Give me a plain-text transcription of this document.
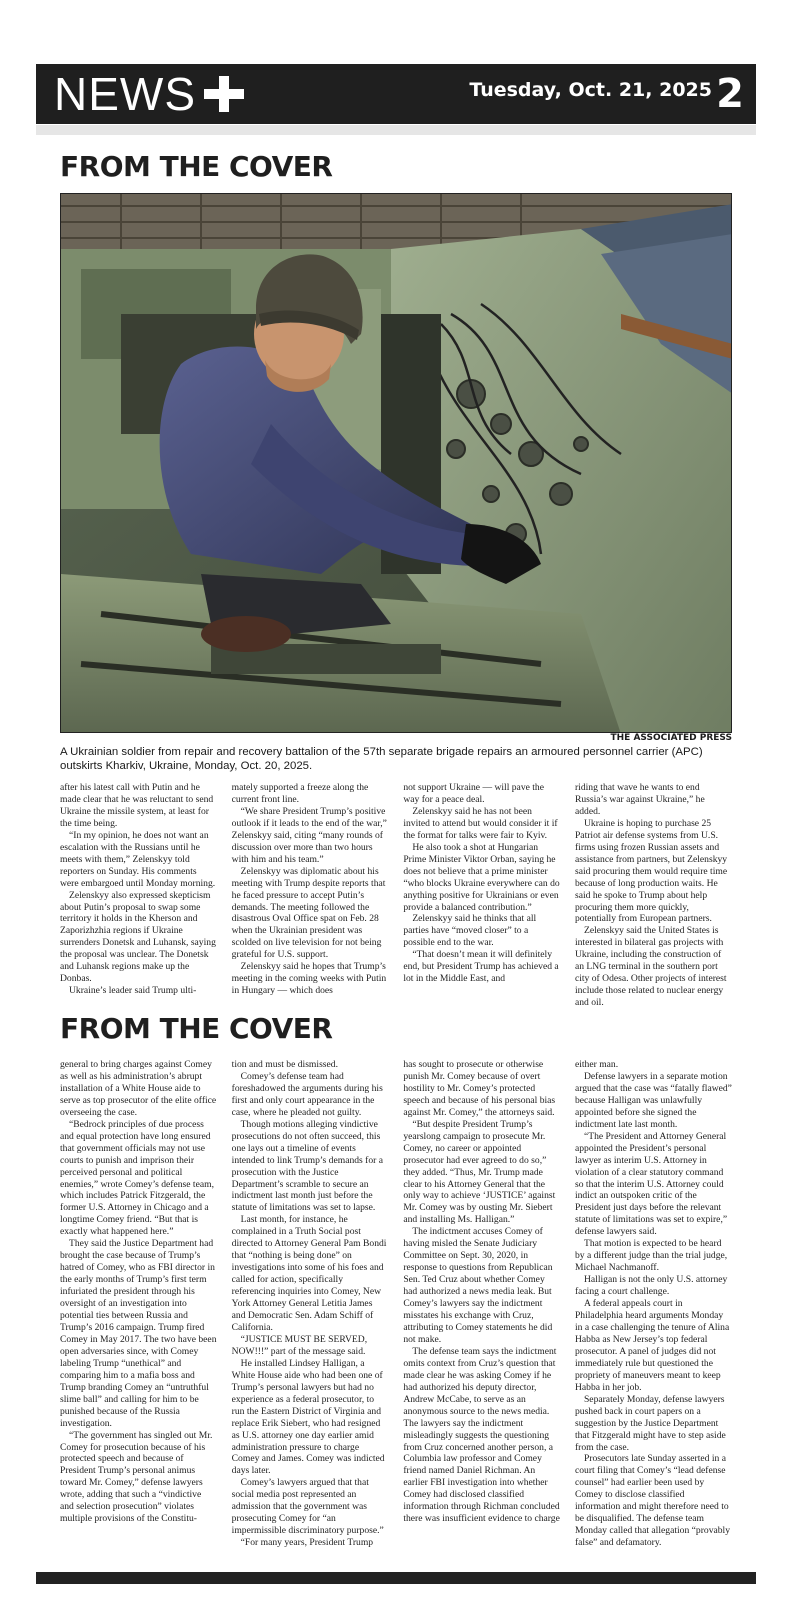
NEWS	Tuesday, Oct. 21, 2025 2
FROM THE COVER
THE ASSOCIATED PRESS
A Ukrainian soldier from repair and recovery battalion of the 57th separate brigade repairs an armoured personnel carrier (APC) outskirts Kharkiv, Ukraine, Monday, Oct. 20, 2025.

after his latest call with Putin and he made clear that he was reluctant to send Ukraine the missile system, at least for the time being.

“In my opinion, he does not want an escalation with the Russians until he meets with them,” Zelenskyy told reporters on Sunday. His comments were embargoed until Monday morning.

Zelenskyy also expressed skepticism about Putin’s proposal to swap some territory it holds in the Kherson and Zaporizhzhia regions if Ukraine surrenders Donetsk and Luhansk, saying the proposal was unclear. The Donetsk and Luhansk regions make up the Donbas.

Ukraine’s leader said Trump ulti-

mately supported a freeze along the current front line.

“We share President Trump’s positive outlook if it leads to the end of the war,” Zelenskyy said, citing “many rounds of discussion over more than two hours with him and his team.”

Zelenskyy was diplomatic about his meeting with Trump despite reports that he faced pressure to accept Putin’s demands. The meeting followed the disastrous Oval Office spat on Feb. 28 when the Ukrainian president was scolded on live television for not being grateful for U.S. support.

Zelenskyy said he hopes that Trump’s meeting in the coming weeks with Putin in Hungary — which does

not support Ukraine — will pave the way for a peace deal.

Zelenskyy said he has not been invited to attend but would consider it if the format for talks were fair to Kyiv.

He also took a shot at Hungarian Prime Minister Viktor Orban, saying he does not believe that a prime minister “who blocks Ukraine everywhere can do anything positive for Ukrainians or even provide a balanced contribution.”

Zelenskyy said he thinks that all parties have “moved closer” to a possible end to the war.

“That doesn’t mean it will definitely end, but President Trump has achieved a lot in the Middle East, and

riding that wave he wants to end Russia’s war against Ukraine,” he added.

Ukraine is hoping to purchase 25 Patriot air defense systems from U.S. firms using frozen Russian assets and assistance from partners, but Zelenskyy said procuring them would require time because of long production waits. He said he spoke to Trump about help procuring them more quickly, potentially from European partners.

Zelenskyy said the United States is interested in bilateral gas projects with Ukraine, including the construction of an LNG terminal in the southern port city of Odesa. Other projects of interest include those related to nuclear energy and oil.

FROM THE COVER

general to bring charges against Comey as well as his administration’s abrupt installation of a White House aide to serve as top prosecutor of the elite office overseeing the case.

“Bedrock principles of due process and equal protection have long ensured that government officials may not use courts to punish and imprison their perceived personal and political enemies,” wrote Comey’s defense team, which includes Patrick Fitzgerald, the former U.S. Attorney in Chicago and a longtime Comey friend. “But that is exactly what happened here.”

They said the Justice Department had brought the case because of Trump’s hatred of Comey, who as FBI director in the early months of Trump’s first term infuriated the president through his oversight of an investigation into potential ties between Russia and Trump’s 2016 campaign. Trump fired Comey in May 2017. The two have been open adversaries since, with Comey labeling Trump “unethical” and comparing him to a mafia boss and Trump branding Comey an “untruthful slime ball” and calling for him to be punished because of the Russia investigation.

“The government has singled out Mr. Comey for prosecution because of his protected speech and because of President Trump’s personal animus toward Mr. Comey,” defense lawyers wrote, adding that such a “vindictive and selection prosecution” violates multiple provisions of the Constitu-

tion and must be dismissed.

Comey’s defense team had foreshadowed the arguments during his first and only court appearance in the case, where he pleaded not guilty.

Though motions alleging vindictive prosecutions do not often succeed, this one lays out a timeline of events intended to link Trump’s demands for a prosecution with the Justice Department’s scramble to secure an indictment last month just before the statute of limitations was set to lapse.

Last month, for instance, he complained in a Truth Social post directed to Attorney General Pam Bondi that “nothing is being done” on investigations into some of his foes and called for action, specifically referencing inquiries into Comey, New York Attorney General Letitia James and Democratic Sen. Adam Schiff of California.

“JUSTICE MUST BE SERVED, NOW!!!” part of the message said.

He installed Lindsey Halligan, a White House aide who had been one of Trump’s personal lawyers but had no experience as a federal prosecutor, to run the Eastern District of Virginia and replace Erik Siebert, who had resigned as U.S. attorney one day earlier amid administration pressure to charge Comey and James. Comey was indicted days later.

Comey’s lawyers argued that that social media post represented an admission that the government was prosecuting Comey for “an impermissible discriminatory purpose.”

“For many years, President Trump

has sought to prosecute or otherwise punish Mr. Comey because of overt hostility to Mr. Comey’s protected speech and because of his personal bias against Mr. Comey,” the attorneys said.

“But despite President Trump’s yearslong campaign to prosecute Mr. Comey, no career or appointed prosecutor had ever agreed to do so,” they added. “Thus, Mr. Trump made clear to his Attorney General that the only way to achieve ‘JUSTICE’ against Mr. Comey was by ousting Mr. Siebert and installing Ms. Halligan.”

The indictment accuses Comey of having misled the Senate Judiciary Committee on Sept. 30, 2020, in response to questions from Republican Sen. Ted Cruz about whether Comey had authorized a news media leak. But Comey’s lawyers say the indictment misstates his exchange with Cruz, attributing to Comey statements he did not make.

The defense team says the indictment omits context from Cruz’s question that made clear he was asking Comey if he had authorized his deputy director, Andrew McCabe, to serve as an anonymous source to the news media. The lawyers say the indictment misleadingly suggests the questioning from Cruz concerned another person, a Columbia law professor and Comey friend named Daniel Richman. An earlier FBI investigation into whether Comey had disclosed classified information through Richman concluded there was insufficient evidence to charge

either man.

Defense lawyers in a separate motion argued that the case was “fatally flawed” because Halligan was unlawfully appointed before she signed the indictment late last month.

“The President and Attorney General appointed the President’s personal lawyer as interim U.S. Attorney in violation of a clear statutory command so that the interim U.S. Attorney could indict an outspoken critic of the President just days before the relevant statute of limitations was set to expire,” defense lawyers said.

That motion is expected to be heard by a different judge than the trial judge, Michael Nachmanoff.

Halligan is not the only U.S. attorney facing a court challenge.

A federal appeals court in Philadelphia heard arguments Monday in a case challenging the tenure of Alina Habba as New Jersey’s top federal prosecutor. A panel of judges did not immediately rule but questioned the propriety of maneuvers meant to keep Habba in her job.

Separately Monday, defense lawyers pushed back in court papers on a suggestion by the Justice Department that Fitzgerald might have to step aside from the case.

Prosecutors late Sunday asserted in a court filing that Comey’s “lead defense counsel” had earlier been used by Comey to disclose classified information and might therefore need to be disqualified. The defense team Monday called that allegation “provably false” and defamatory.
